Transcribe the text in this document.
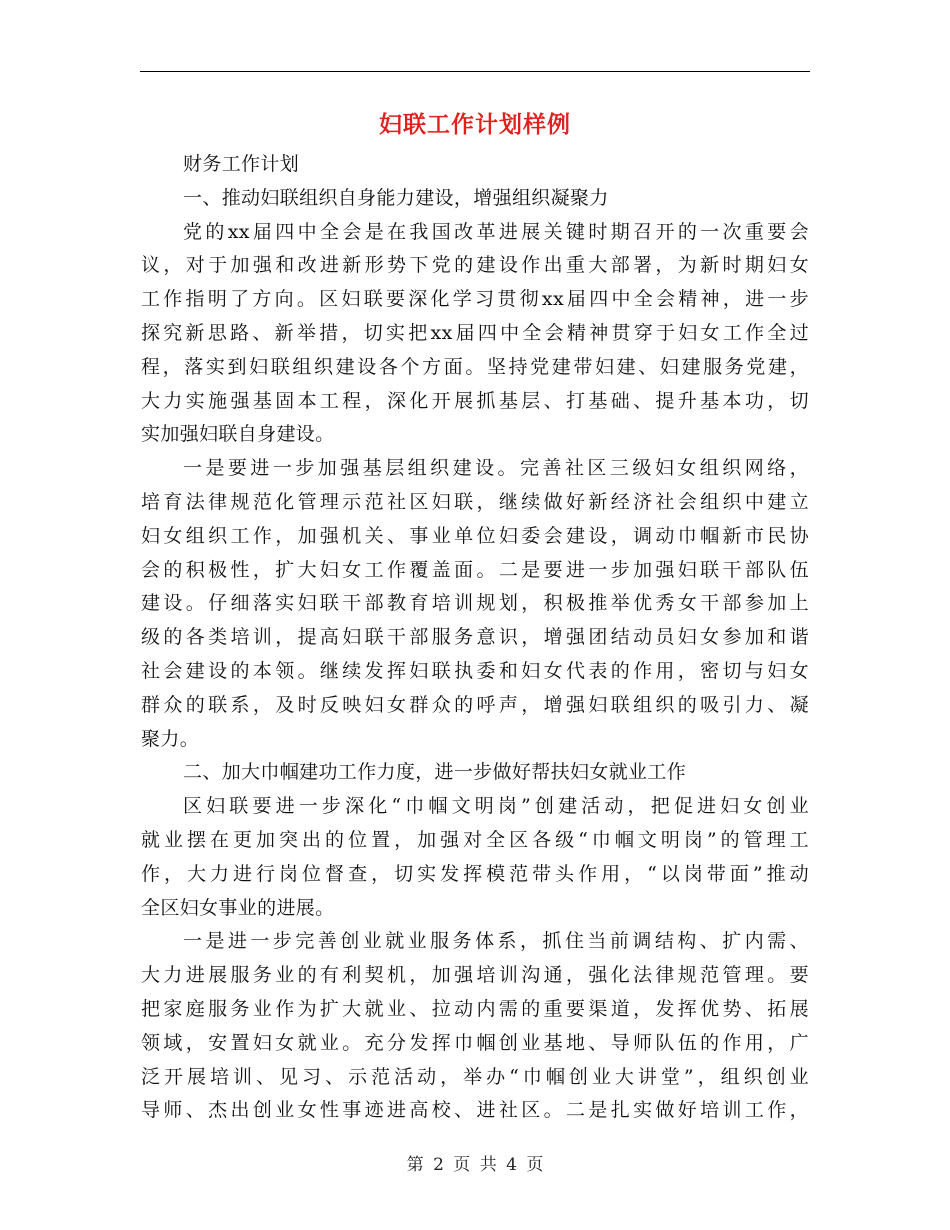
妇联工作计划样例
财务工作计划
一、推动妇联组织自身能力建设，增强组织凝聚力
党的xx届四中全会是在我国改革进展关键时期召开的一次重要会
议，对于加强和改进新形势下党的建设作出重大部署，为新时期妇女
工作指明了方向。区妇联要深化学习贯彻xx届四中全会精神，进一步
探究新思路、新举措，切实把xx届四中全会精神贯穿于妇女工作全过
程，落实到妇联组织建设各个方面。坚持党建带妇建、妇建服务党建，
大力实施强基固本工程，深化开展抓基层、打基础、提升基本功，切
实加强妇联自身建设。
一是要进一步加强基层组织建设。完善社区三级妇女组织网络，
培育法律规范化管理示范社区妇联，继续做好新经济社会组织中建立
妇女组织工作，加强机关、事业单位妇委会建设，调动巾帼新市民协
会的积极性，扩大妇女工作覆盖面。二是要进一步加强妇联干部队伍
建设。仔细落实妇联干部教育培训规划，积极推举优秀女干部参加上
级的各类培训，提高妇联干部服务意识，增强团结动员妇女参加和谐
社会建设的本领。继续发挥妇联执委和妇女代表的作用，密切与妇女
群众的联系，及时反映妇女群众的呼声，增强妇联组织的吸引力、凝
聚力。
二、加大巾帼建功工作力度，进一步做好帮扶妇女就业工作
区妇联要进一步深化“巾帼文明岗”创建活动，把促进妇女创业
就业摆在更加突出的位置，加强对全区各级“巾帼文明岗”的管理工
作，大力进行岗位督查，切实发挥模范带头作用，“以岗带面”推动
全区妇女事业的进展。
一是进一步完善创业就业服务体系，抓住当前调结构、扩内需、
大力进展服务业的有利契机，加强培训沟通，强化法律规范管理。要
把家庭服务业作为扩大就业、拉动内需的重要渠道，发挥优势、拓展
领域，安置妇女就业。充分发挥巾帼创业基地、导师队伍的作用，广
泛开展培训、见习、示范活动，举办“巾帼创业大讲堂”，组织创业
导师、杰出创业女性事迹进高校、进社区。二是扎实做好培训工作，
第 2 页 共 4 页
